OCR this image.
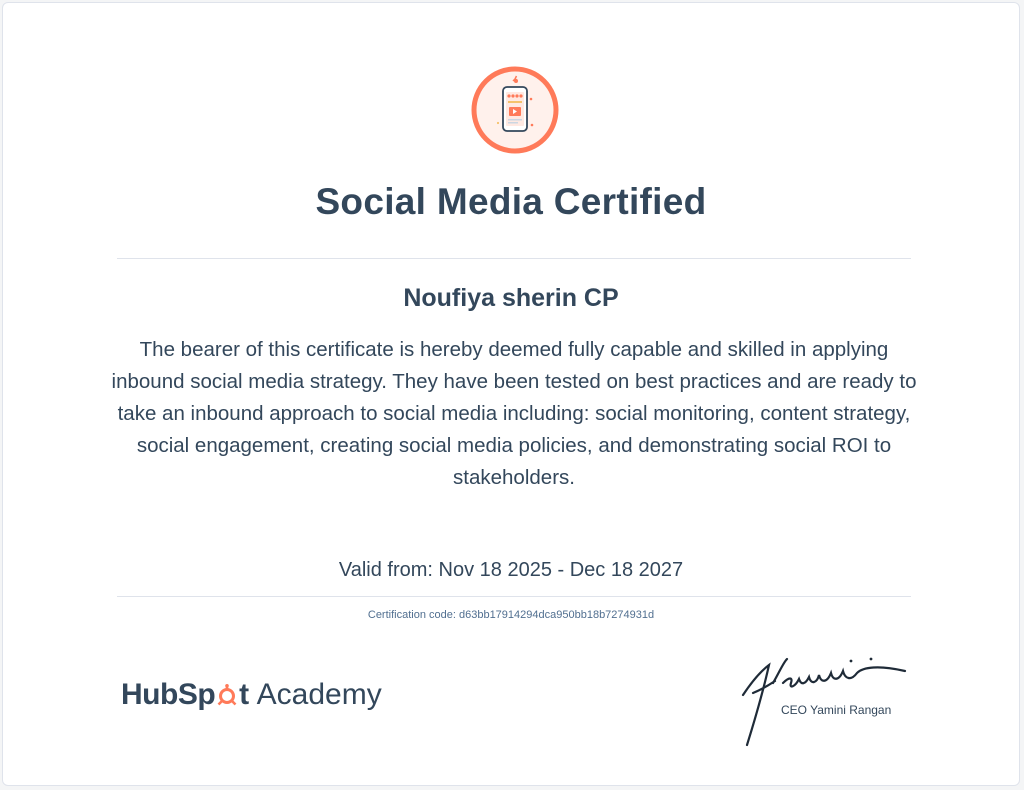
Social Media Certified
Noufiya sherin CP
The bearer of this certificate is hereby deemed fully capable and skilled in applying inbound social media strategy. They have been tested on best practices and are ready to take an inbound approach to social media including: social monitoring, content strategy, social engagement, creating social media policies, and demonstrating social ROI to stakeholders.
Valid from: Nov 18 2025 - Dec 18 2027
Certification code: d63bb17914294dca950bb18b7274931d
HubSp t Academy	CEO Yamini Rangan
